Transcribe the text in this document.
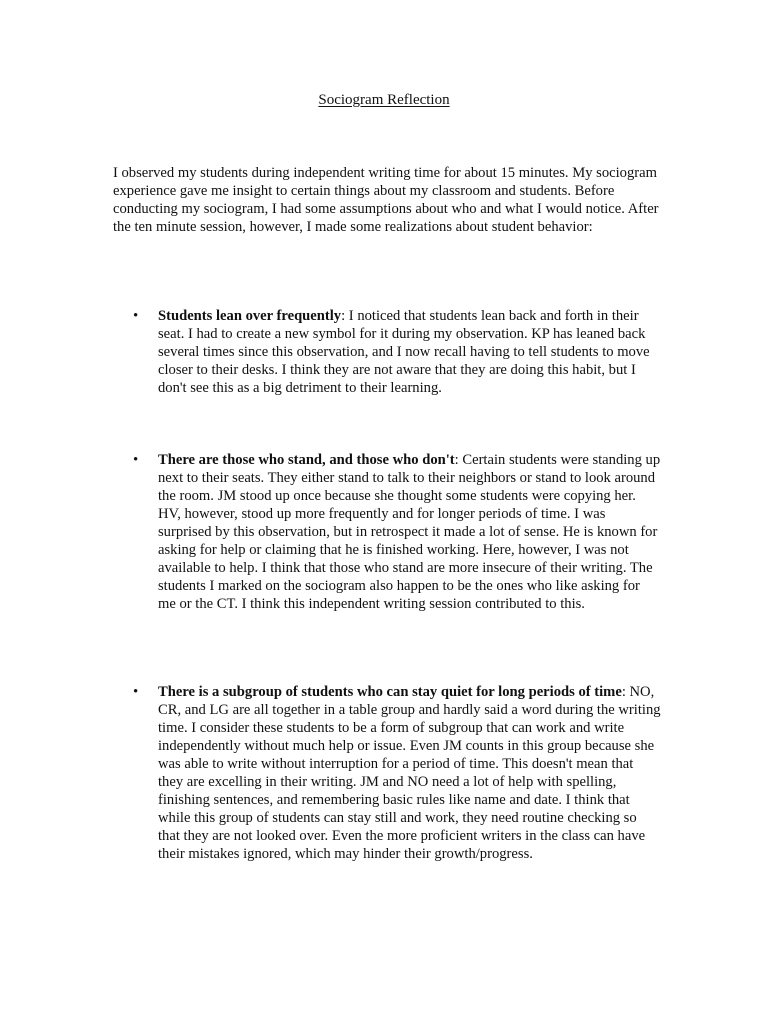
Sociogram Reflection

I observed my students during independent writing time for about 15 minutes. My sociogram experience gave me insight to certain things about my classroom and students. Before conducting my sociogram, I had some assumptions about who and what I would notice. After the ten minute session, however, I made some realizations about student behavior:

• Students lean over frequently: I noticed that students lean back and forth in their seat. I had to create a new symbol for it during my observation. KP has leaned back several times since this observation, and I now recall having to tell students to move closer to their desks. I think they are not aware that they are doing this habit, but I don't see this as a big detriment to their learning.

• There are those who stand, and those who don't: Certain students were standing up next to their seats. They either stand to talk to their neighbors or stand to look around the room. JM stood up once because she thought some students were copying her. HV, however, stood up more frequently and for longer periods of time. I was surprised by this observation, but in retrospect it made a lot of sense. He is known for asking for help or claiming that he is finished working. Here, however, I was not available to help. I think that those who stand are more insecure of their writing. The students I marked on the sociogram also happen to be the ones who like asking for me or the CT. I think this independent writing session contributed to this.

• There is a subgroup of students who can stay quiet for long periods of time: NO, CR, and LG are all together in a table group and hardly said a word during the writing time. I consider these students to be a form of subgroup that can work and write independently without much help or issue. Even JM counts in this group because she was able to write without interruption for a period of time. This doesn't mean that they are excelling in their writing. JM and NO need a lot of help with spelling, finishing sentences, and remembering basic rules like name and date. I think that while this group of students can stay still and work, they need routine checking so that they are not looked over. Even the more proficient writers in the class can have their mistakes ignored, which may hinder their growth/progress.
